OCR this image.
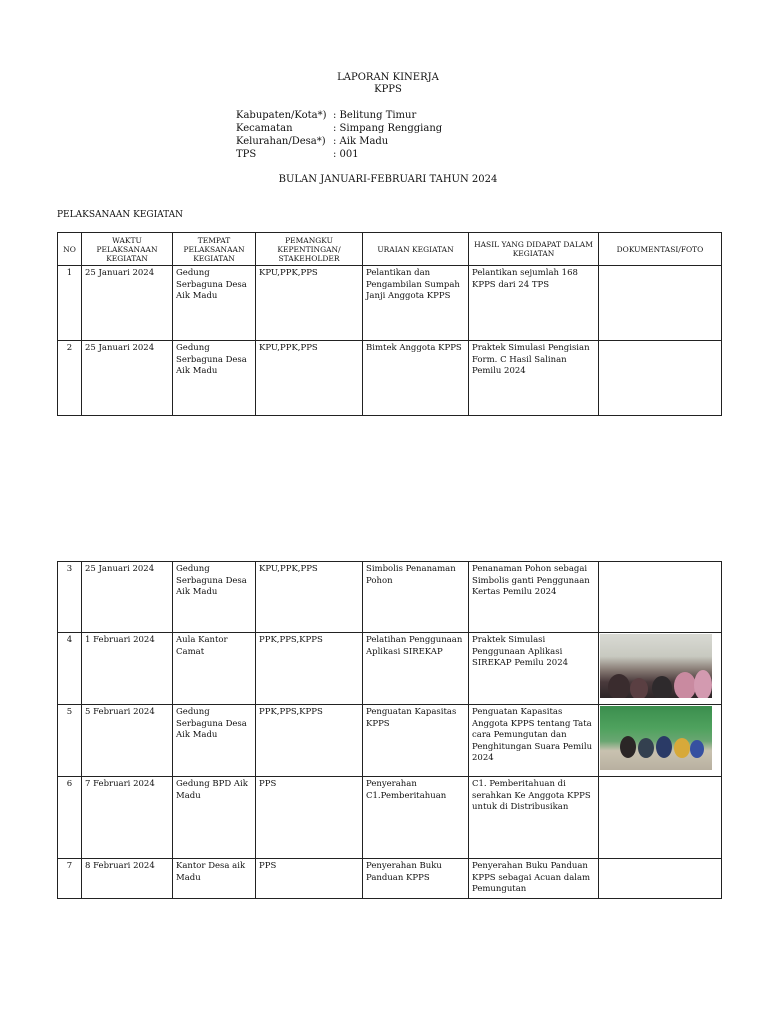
LAPORAN KINERJA
KPPS
Kabupaten/Kota*) : Belitung Timur
Kecamatan	: Simpang Renggiang
Kelurahan/Desa*) : Aik Madu
TPS	: 001
BULAN JANUARI-FEBRUARI TAHUN 2024
PELAKSANAAN KEGIATAN
NO	WAKTU PELAKSANAAN KEGIATAN	TEMPAT PELAKSANAAN KEGIATAN	PEMANGKU KEPENTINGAN/ STAKEHOLDER	URAIAN KEGIATAN	HASIL YANG DIDAPAT DALAM KEGIATAN	DOKUMENTASI/FOTO
1	25 Januari 2024	Gedung Serbaguna Desa Aik Madu	KPU,PPK,PPS	Pelantikan dan Pengambilan Sumpah Janji Anggota KPPS	Pelantikan sejumlah 168 KPPS dari 24 TPS	
2	25 Januari 2024	Gedung Serbaguna Desa Aik Madu	KPU,PPK,PPS	Bimtek Anggota KPPS	Praktek Simulasi Pengisian Form. C Hasil Salinan Pemilu 2024	
3	25 Januari 2024	Gedung Serbaguna Desa Aik Madu	KPU,PPK,PPS	Simbolis Penanaman Pohon	Penanaman Pohon sebagai Simbolis ganti Penggunaan Kertas Pemilu 2024	
4	1 Februari 2024	Aula Kantor Camat	PPK,PPS,KPPS	Pelatihan Penggunaan Aplikasi SIREKAP	Praktek Simulasi Penggunaan Aplikasi SIREKAP Pemilu 2024	

5	5 Februari 2024	Gedung Serbaguna Desa Aik Madu	PPK,PPS,KPPS	Penguatan Kapasitas KPPS	Penguatan Kapasitas Anggota KPPS tentang Tata cara Pemungutan dan Penghitungan Suara Pemilu 2024	

6	7 Februari 2024	Gedung BPD Aik Madu	PPS	Penyerahan C1.Pemberitahuan	C1. Pemberitahuan di serahkan Ke Anggota KPPS untuk di Distribusikan	
7	8 Februari 2024	Kantor Desa aik Madu	PPS	Penyerahan Buku Panduan KPPS	Penyerahan Buku Panduan KPPS sebagai Acuan dalam Pemungutan	
